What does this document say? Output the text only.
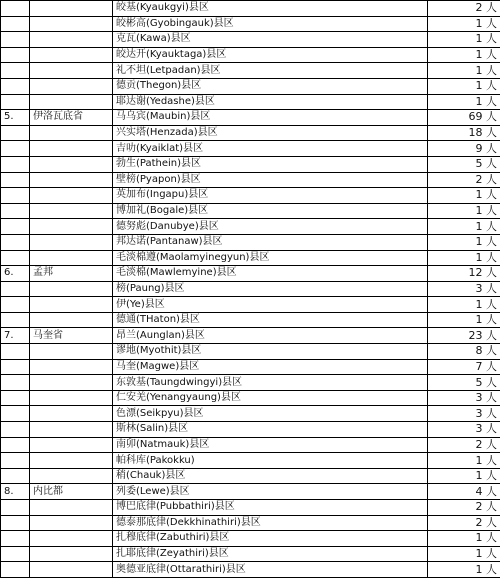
		皎基(Kyaukgyi)县区	2 人
		皎彬高(Gyobingauk)县区	1 人
		克瓦(Kawa)县区	1 人
		皎达开(Kyauktaga)县区	1 人
		礼不坦(Letpadan)县区	1 人
		德贡(Thegon)县区	1 人
		耶达谢(Yedashe)县区	1 人
5.	伊洛瓦底省	马乌宾(Maubin)县区	69 人
		兴实塔(Henzada)县区	18 人
		吉叻(Kyaiklat)县区	9 人
		勃生(Pathein)县区	5 人
		壁榜(Pyapon)县区	2 人
		英加布(Ingapu)县区	1 人
		博加礼(Bogale)县区	1 人
		德努彪(Danubye)县区	1 人
		邦达诺(Pantanaw)县区	1 人
		毛淡棉遵(Maolamyinegyun)县区	1 人
6.	孟邦	毛淡棉(Mawlemyine)县区	12 人
		榜(Paung)县区	3 人
		伊(Ye)县区	1 人
		德通(THaton)县区	1 人
7.	马奎省	昂兰(Aunglan)县区	23 人
		谬地(Myothit)县区	8 人
		马奎(Magwe)县区	7 人
		东敦基(Taungdwingyi)县区	5 人
		仁安羌(Yenangyaung)县区	3 人
		色漂(Seikpyu)县区	3 人
		斯林(Salin)县区	3 人
		南卯(Natmauk)县区	2 人
		帕科库(Pakokku)	1 人
		稍(Chauk)县区	1 人
8.	内比都	列委(Lewe)县区	4 人
		博巴底律(Pubbathiri)县区	2 人
		德泰那底律(Dekkhinathiri)县区	2 人
		扎穆底律(Zabuthiri)县区	1 人
		扎耶底律(Zeyathiri)县区	1 人
		奥德亚底律(Ottarathiri)县区	1 人
